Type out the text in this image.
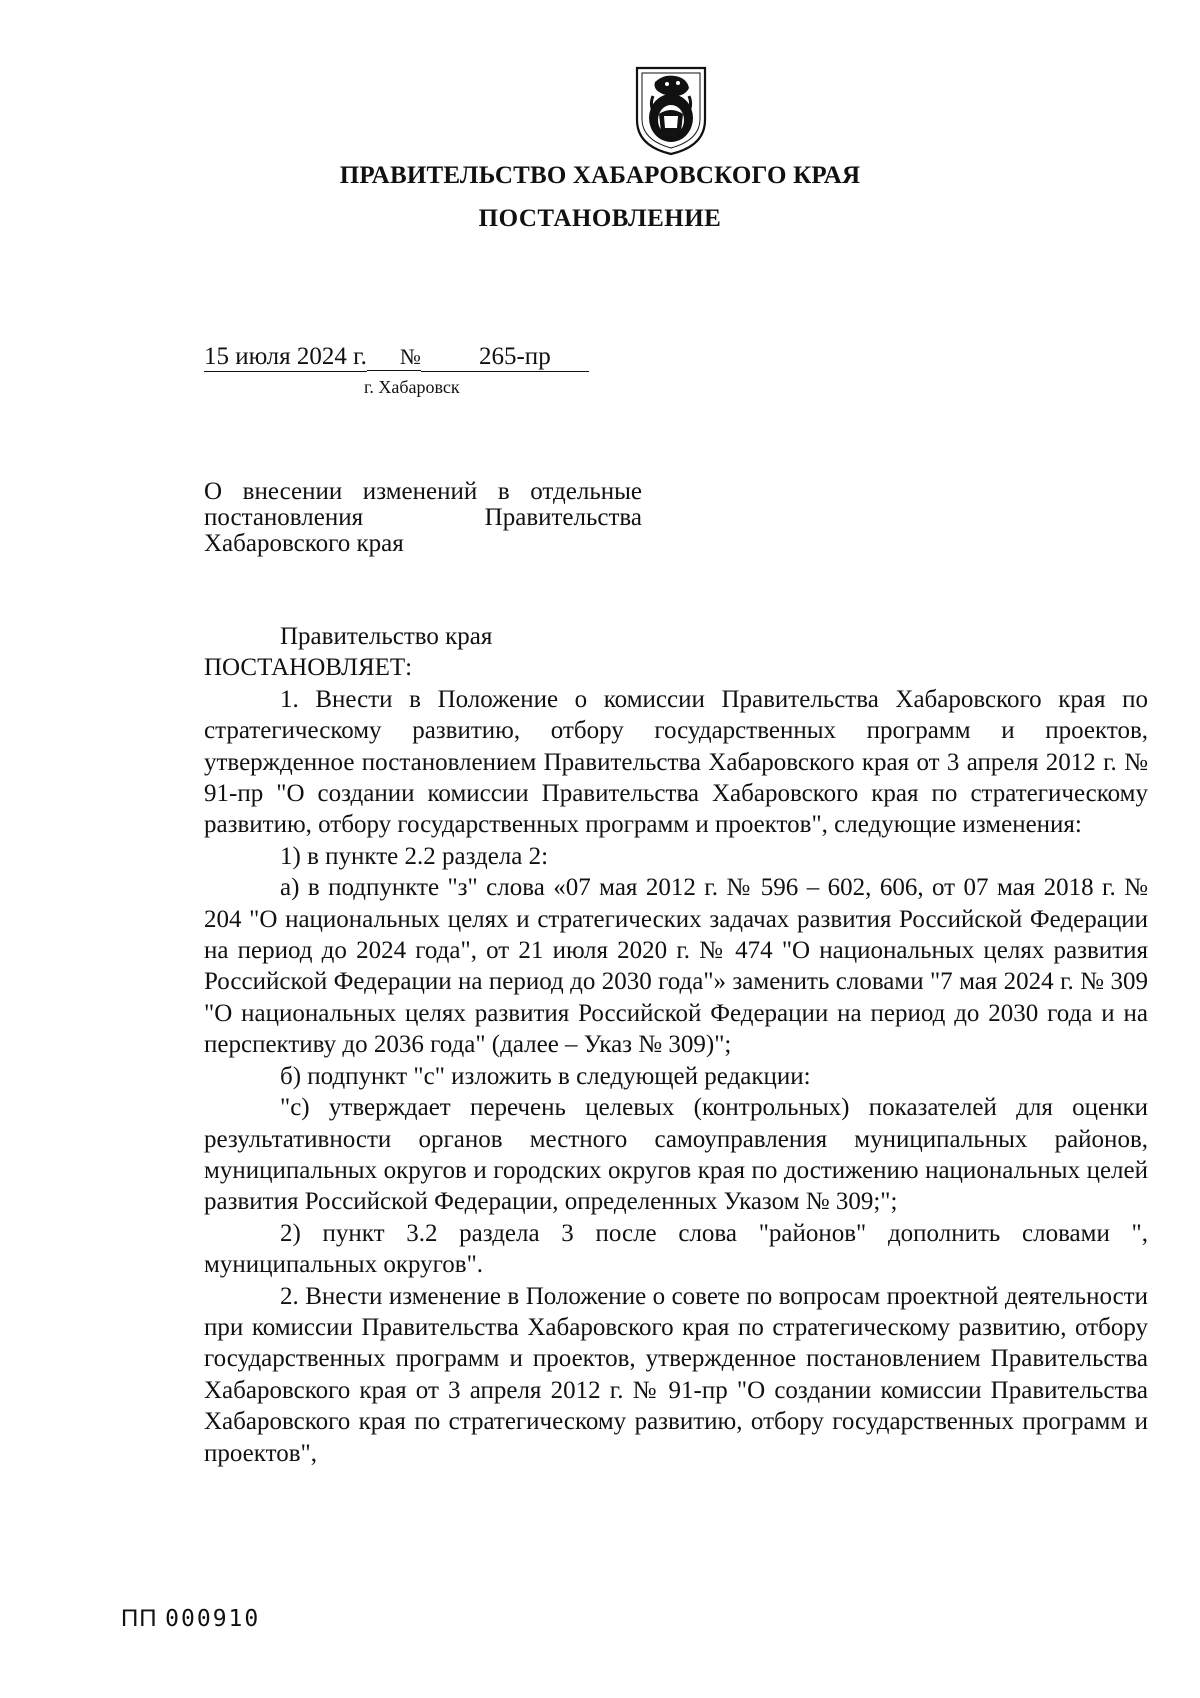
ПРАВИТЕЛЬСТВО ХАБАРОВСКОГО КРАЯ
ПОСТАНОВЛЕНИЕ
15 июля 2024 г. № 265-пр
г. Хабаровск
О внесении изменений в отдельные
постановления Правительства
Хабаровского края
Правительство края
ПОСТАНОВЛЯЕТ:
1. Внести в Положение о комиссии Правительства Хабаровского края по стратегическому развитию, отбору государственных программ и проектов, утвержденное постановлением Правительства Хабаровского края от 3 апреля 2012 г. № 91-пр "О создании комиссии Правительства Хабаровского края по стратегическому развитию, отбору государственных программ и проектов", следующие изменения:
1) в пункте 2.2 раздела 2:
а) в подпункте "з" слова «07 мая 2012 г. № 596 – 602, 606, от 07 мая 2018 г. № 204 "О национальных целях и стратегических задачах развития Российской Федерации на период до 2024 года", от 21 июля 2020 г. № 474 "О национальных целях развития Российской Федерации на период до 2030 года"» заменить словами "7 мая 2024 г. № 309 "О национальных целях развития Российской Федерации на период до 2030 года и на перспективу до 2036 года" (далее – Указ № 309)";
б) подпункт "с" изложить в следующей редакции:
"с) утверждает перечень целевых (контрольных) показателей для оценки результативности органов местного самоуправления муниципальных районов, муниципальных округов и городских округов края по достижению национальных целей развития Российской Федерации, определенных Указом № 309;";
2) пункт 3.2 раздела 3 после слова "районов" дополнить словами ", муниципальных округов".
2. Внести изменение в Положение о совете по вопросам проектной деятельности при комиссии Правительства Хабаровского края по стратегическому развитию, отбору государственных программ и проектов, утвержденное постановлением Правительства Хабаровского края от 3 апреля 2012 г. № 91-пр "О создании комиссии Правительства Хабаровского края по стратегическому развитию, отбору государственных программ и проектов",
ПП 000910
